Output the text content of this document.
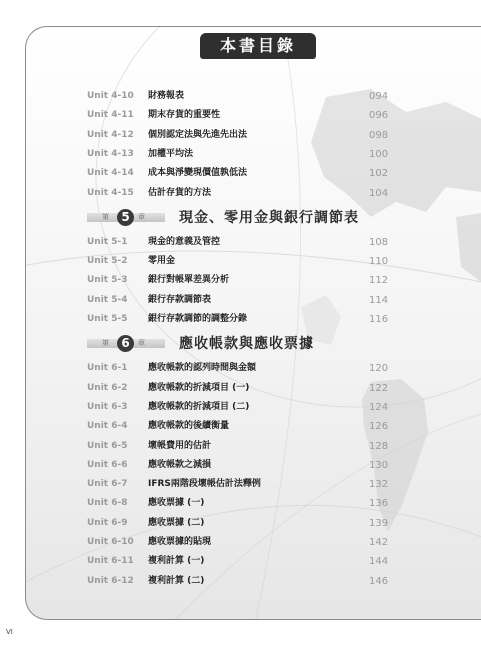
本書目錄
Unit 4-10	財務報表	094
Unit 4-11	期末存貨的重要性	096
Unit 4-12	個別認定法與先進先出法	098
Unit 4-13	加權平均法	100
Unit 4-14	成本與淨變現價值孰低法	102
Unit 4-15	估計存貨的方法	104
第	5	章 現金、零用金與銀行調節表
Unit 5-1	現金的意義及管控	108
Unit 5-2	零用金	110
Unit 5-3	銀行對帳單差異分析	112
Unit 5-4	銀行存款調節表	114
Unit 5-5	銀行存款調節的調整分錄	116
第	6	章 應收帳款與應收票據
Unit 6-1	應收帳款的認列時間與金額	120
Unit 6-2	應收帳款的折減項目 (一)	122
Unit 6-3	應收帳款的折減項目 (二)	124
Unit 6-4	應收帳款的後續衡量	126
Unit 6-5	壞帳費用的估計	128
Unit 6-6	應收帳款之減損	130
Unit 6-7	IFRS兩階段壞帳估計法釋例	132
Unit 6-8	應收票據 (一)	136
Unit 6-9	應收票據 (二)	139
Unit 6-10	應收票據的貼現	142
Unit 6-11	複利計算 (一)	144
Unit 6-12	複利計算 (二)	146
VI
